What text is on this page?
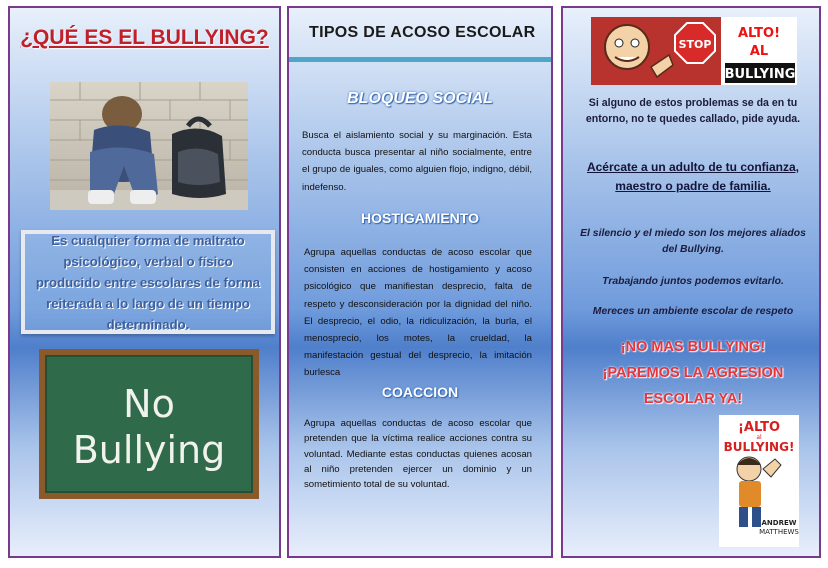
¿QUÉ ES EL BULLYING?
Es cualquier forma de maltrato psicológico, verbal o físico producido entre escolares de forma reiterada a lo largo de un tiempo determinado.
No
Bullying
TIPOS DE ACOSO ESCOLAR
BLOQUEO SOCIAL
Busca el aislamiento social y su marginación. Esta conducta busca presentar al niño socialmente, entre el grupo de iguales, como alguien flojo, indigno, débil, indefenso.
HOSTIGAMIENTO
Agrupa aquellas conductas de acoso escolar que consisten en acciones de hostigamiento y acoso psicológico que manifiestan desprecio, falta de respeto y desconsideración por la dignidad del niño. El desprecio, el odio, la ridiculización, la burla, el menosprecio, los motes, la crueldad, la manifestación gestual del desprecio, la imitación burlesca
COACCION
Agrupa aquellas conductas de acoso escolar que pretenden que la víctima realice acciones contra su voluntad. Mediante estas conductas quienes acosan al niño pretenden ejercer un dominio y un sometimiento total de su voluntad.
STOP
ALTO!
AL
BULLYING
Si alguno de estos problemas se da en tu entorno, no te quedes callado, pide ayuda.
Acércate a un adulto de tu confianza, maestro o padre de familia.
El silencio y el miedo son los mejores aliados del Bullying.
Trabajando juntos podemos evitarlo.
Mereces un ambiente escolar de respeto
¡NO MAS BULLYING!
¡PAREMOS LA AGRESION
ESCOLAR YA!
¡ALTO
al
BULLYING!
ANDREW
MATTHEWS
